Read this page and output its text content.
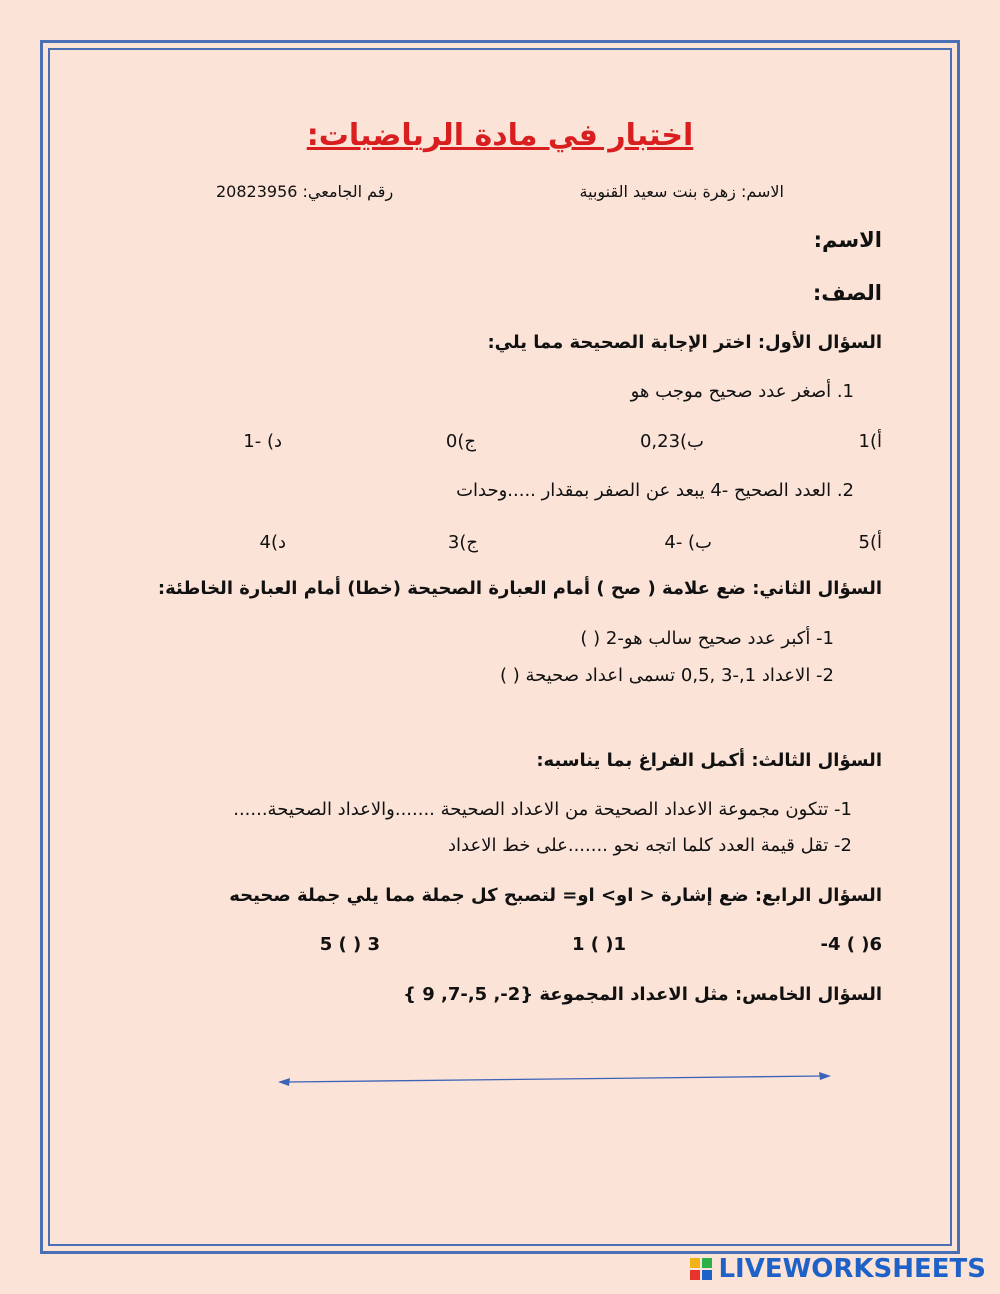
اختبار في مادة الرياضيات:
الاسم: زهرة بنت سعيد القنوبية
رقم الجامعي: 20823956
الاسم:
الصف:
السؤال الأول: اختر الإجابة الصحيحة مما يلي:
1. أصغر عدد صحيح موجب هو
أ)1
ب)0,23
ج)0
د) -1
2. العدد الصحيح -4 يبعد عن الصفر بمقدار .....وحدات
أ)5
ب) -4
ج)3
د)4
السؤال الثاني: ضع علامة ( صح ) أمام العبارة الصحيحة (خطا) أمام العبارة الخاطئة:
1- أكبر عدد صحيح سالب هو-2 ( )
2- الاعداد 1,-3 ,0,5 تسمى اعداد صحيحة ( )
السؤال الثالث: أكمل الفراغ بما يناسبه:
1- تتكون مجموعة الاعداد الصحيحة من الاعداد الصحيحة .......والاعداد الصحيحة......
2- تقل قيمة العدد كلما اتجه نحو .......على خط الاعداد
السؤال الرابع: ضع إشارة < او> او= لتصبح كل جملة مما يلي جملة صحيحه
-4 ( )6
1 ( )1
5 ( ) 3
السؤال الخامس: مثل الاعداد المجموعة {2-, 5,-7, 9 }
LIVEWORKSHEETS
